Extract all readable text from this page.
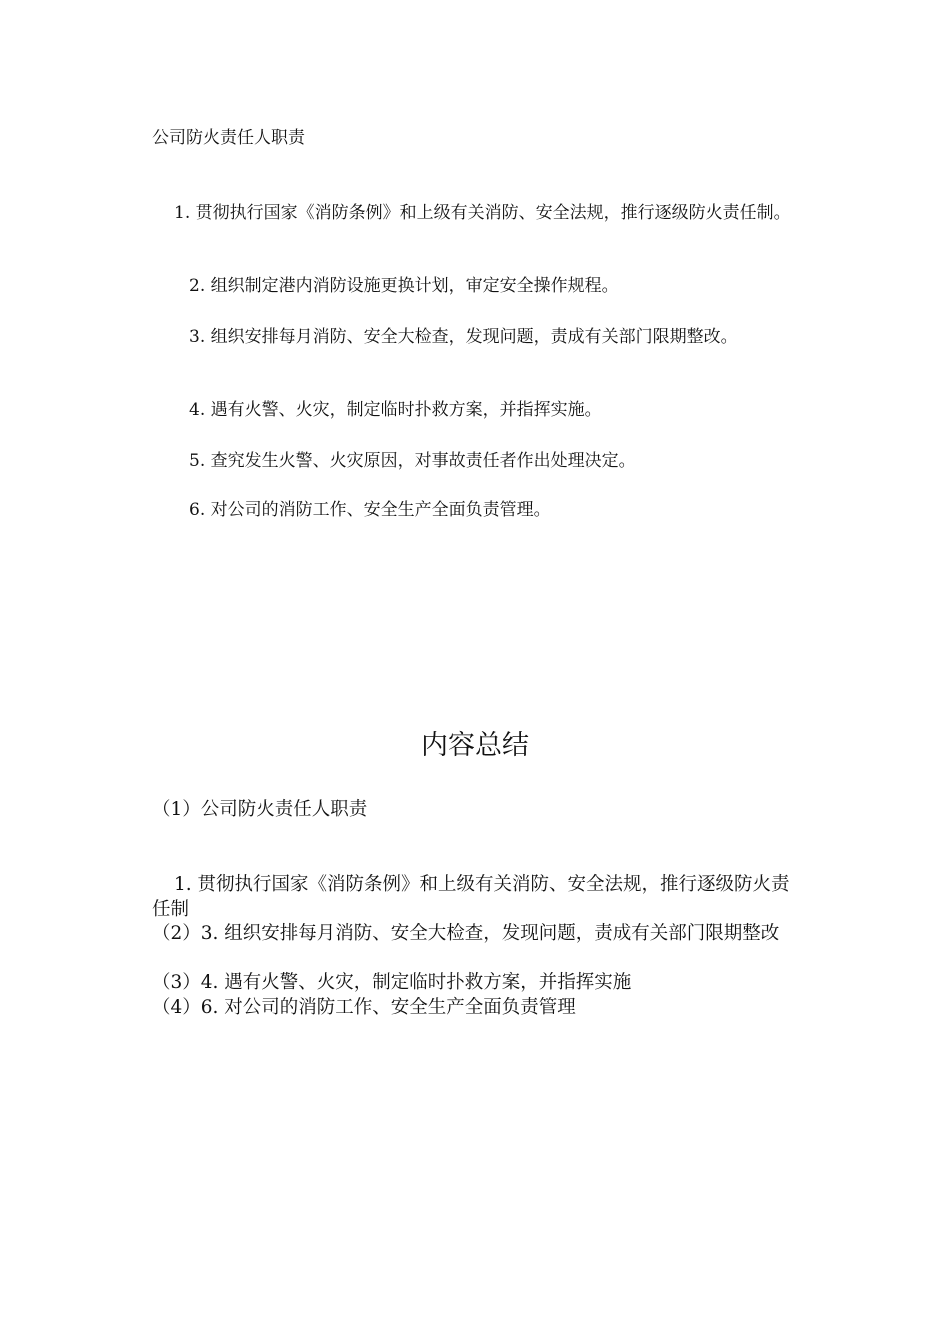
公司防火责任人职责

1. 贯彻执行国家《消防条例》和上级有关消防、安全法规，推行逐级防火责任制。

2. 组织制定港内消防设施更换计划，审定安全操作规程。

3. 组织安排每月消防、安全大检查，发现问题，责成有关部门限期整改。

4. 遇有火警、火灾，制定临时扑救方案，并指挥实施。

5. 查究发生火警、火灾原因，对事故责任者作出处理决定。

6. 对公司的消防工作、安全生产全面负责管理。

内容总结

（1）公司防火责任人职责

1. 贯彻执行国家《消防条例》和上级有关消防、安全法规，推行逐级防火责任制

（2）3. 组织安排每月消防、安全大检查，发现问题，责成有关部门限期整改

（3）4. 遇有火警、火灾，制定临时扑救方案，并指挥实施

（4）6. 对公司的消防工作、安全生产全面负责管理
